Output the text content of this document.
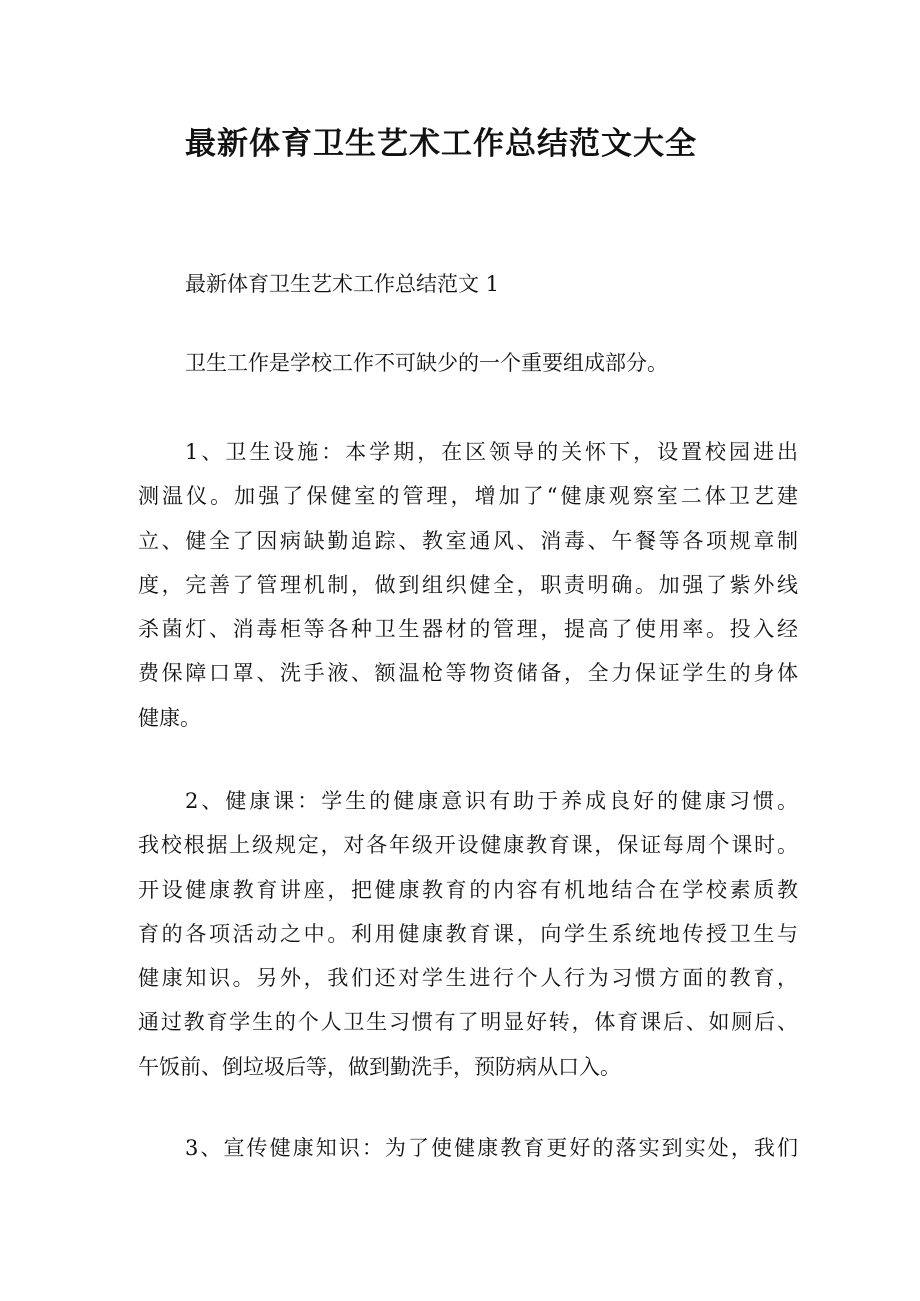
最新体育卫生艺术工作总结范文大全

最新体育卫生艺术工作总结范文 1

卫生工作是学校工作不可缺少的一个重要组成部分。

1、卫生设施：本学期，在区领导的关怀下，设置校园进出
测温仪。加强了保健室的管理，增加了“健康观察室二体卫艺建
立、健全了因病缺勤追踪、教室通风、消毒、午餐等各项规章制
度，完善了管理机制，做到组织健全，职责明确。加强了紫外线
杀菌灯、消毒柜等各种卫生器材的管理，提高了使用率。投入经
费保障口罩、洗手液、额温枪等物资储备，全力保证学生的身体
健康。
2、健康课：学生的健康意识有助于养成良好的健康习惯。
我校根据上级规定，对各年级开设健康教育课，保证每周个课时。
开设健康教育讲座，把健康教育的内容有机地结合在学校素质教
育的各项活动之中。利用健康教育课，向学生系统地传授卫生与
健康知识。另外，我们还对学生进行个人行为习惯方面的教育，
通过教育学生的个人卫生习惯有了明显好转，体育课后、如厕后、
午饭前、倒垃圾后等，做到勤洗手，预防病从口入。
3、宣传健康知识：为了使健康教育更好的落实到实处，我们
